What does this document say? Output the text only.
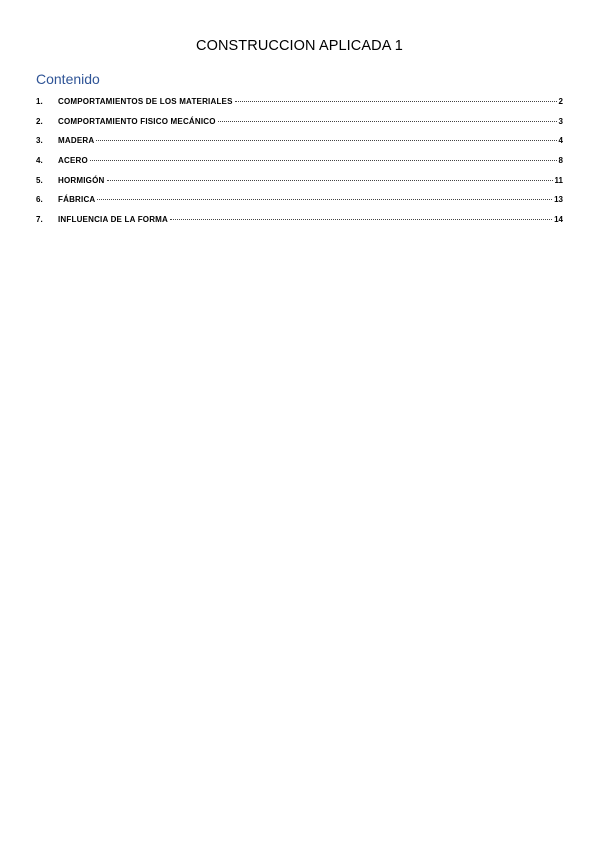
CONSTRUCCION APLICADA 1
Contenido
1.	COMPORTAMIENTOS DE LOS MATERIALES	2
2.	COMPORTAMIENTO FISICO MECÁNICO	3
3.	MADERA	4
4.	ACERO	8
5.	HORMIGÓN	11
6.	FÁBRICA	13
7.	INFLUENCIA DE LA FORMA	14
